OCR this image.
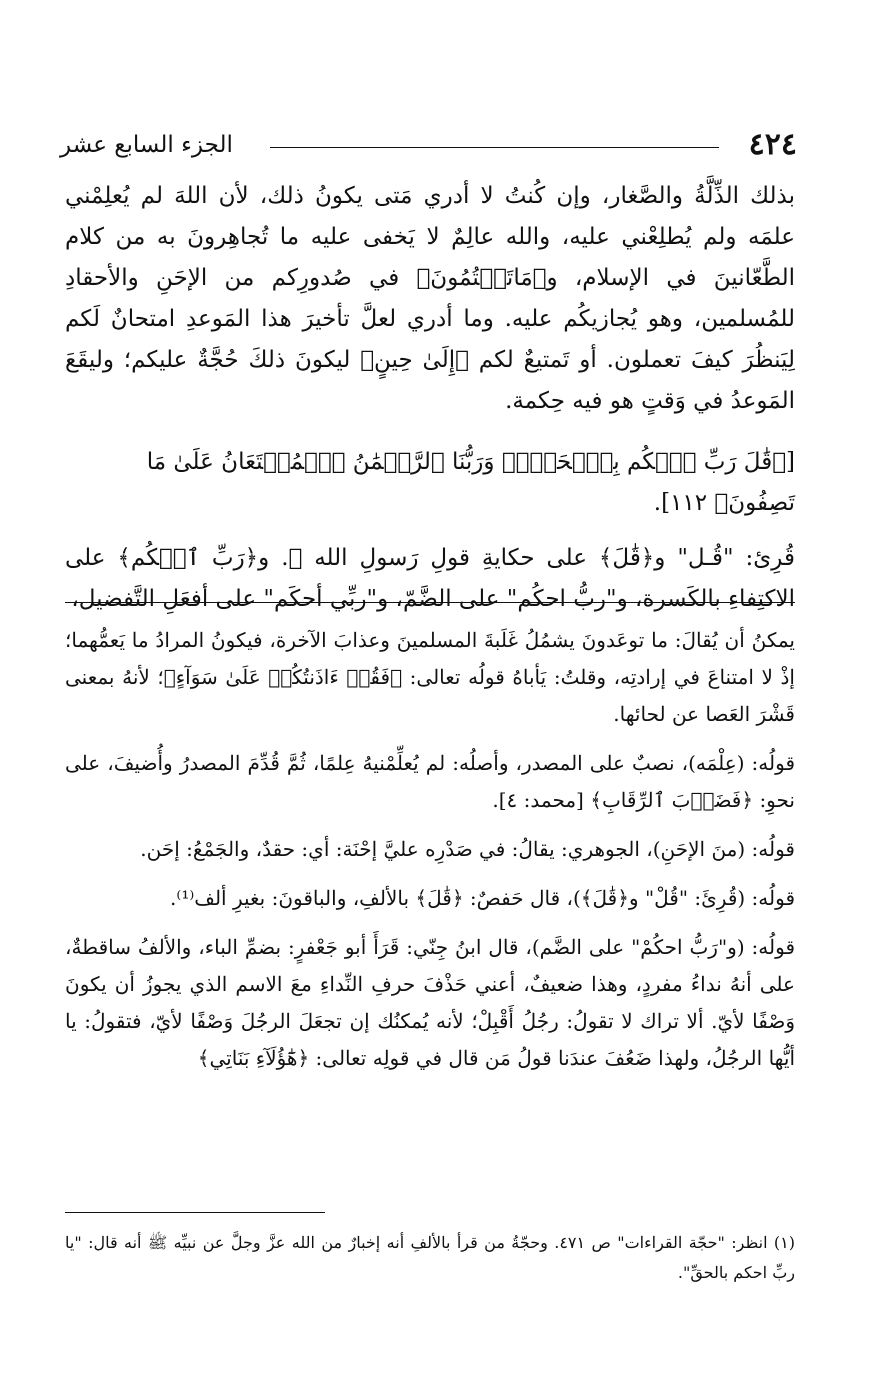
٤٢٤
الجزء السابع عشر

بذلك الذِّلَّةُ والصَّغار، وإن كُنتُ لا أدري مَتى يكونُ ذلك، لأن اللهَ لم يُعلِمْني علمَه ولم يُطلِعْني عليه، والله عالِمٌ لا يَخفى عليه ما تُجاهِرونَ به من كلام الطَّعّانينَ في الإسلام، و﴿مَاتَكۡتُمُونَ﴾ في صُدورِكم من الإحَنِ والأحقادِ للمُسلمين، وهو يُجازيكُم عليه. وما أدري لعلَّ تأخيرَ هذا المَوعدِ امتحانٌ لَكم لِيَنظُرَ كيفَ تعملون. أو تَمتيعٌ لكم ﴿إِلَىٰ حِينٍ﴾ ليكونَ ذلكَ حُجَّةٌ عليكم؛ وليقَعَ المَوعدُ في وَقتٍ هو فيه حِكمة.

[﴿قَٰلَ رَبِّ ٱحۡكُم بِٱلۡحَقِّۗ وَرَبُّنَا ٱلرَّحۡمَٰنُ ٱلۡمُسۡتَعَانُ عَلَىٰ مَا تَصِفُونَ﴾ ١١٢].

قُرِئ: "قُـل" و﴿قَٰلَ﴾ على حكايةِ قولِ رَسولِ الله ﷺ. و﴿رَبِّ ٱحۡكُم﴾ على الاكتِفاءِ بالكَسرة، و"ربُّ احكُم" على الضَّمّ، و"ربِّي أحكَم" على أفعَلِ التَّفضيل،

يمكنُ أن يُقالَ: ما توعَدونَ يشمُلُ غَلَبةَ المسلمينَ وعذابَ الآخرة، فيكونُ المرادُ ما يَعمُّهما؛ إذْ لا امتناعَ في إرادتِه، وقلتُ: يَأباهُ قولُه تعالى: ﴿فَقُلۡ ءَاذَنتُكُمۡ عَلَىٰ سَوَآءٍ﴾؛ لأنهُ بمعنى قَشْرَ العَصا عن لحائها.

قولُه: (عِلْمَه)، نصبٌ على المصدر، وأصلُه: لم يُعلِّمْنيهُ عِلمًا، ثُمَّ قُدِّمَ المصدرُ وأُضيفَ، على نحوِ: ﴿فَضَرۡبَ ٱلرِّقَابِ﴾ [محمد: ٤].

قولُه: (منَ الإحَنِ)، الجوهري: يقالُ: في صَدْرِه عليَّ إحْنَة: أي: حقدٌ، والجَمْعُ: إحَن.

قولُه: (قُرِئَ: "قُلْ" و﴿قَٰلَ﴾)، قال حَفصٌ: ﴿قَٰلَ﴾ بالألفِ، والباقونَ: بغيرِ ألف⁽¹⁾.

قولُه: (و"رَبُّ احكُمْ" على الضَّم)، قال ابنُ جِنّي: قَرَأَ أبو جَعْفرٍ: بضمِّ الباء، والألفُ ساقطةٌ، على أنهُ نداءُ مفردٍ، وهذا ضعيفٌ، أعني حَذْفَ حرفِ النِّداءِ معَ الاسم الذي يجوزُ أن يكونَ وَصْفًا لأيّ. ألا تراك لا تقولُ: رجُلُ أَقْبِلْ؛ لأنه يُمكنُك إن تجعَلَ الرجُلَ وَصْفًا لأيّ، فتقولُ: يا أيُّها الرجُلُ، ولهذا ضَعُفَ عندَنا قولُ مَن قال في قولِه تعالى: ﴿هَٰٓؤُلَآءِ بَنَاتِي﴾

(١) انظر: "حجّة القراءات" ص ٤٧١. وحجّةُ من قرأ بالألفِ أنه إخبارٌ من الله عزَّ وجلَّ عن نبيِّه ﷺ أنه قال: "يا ربِّ احكم بالحقِّ".
